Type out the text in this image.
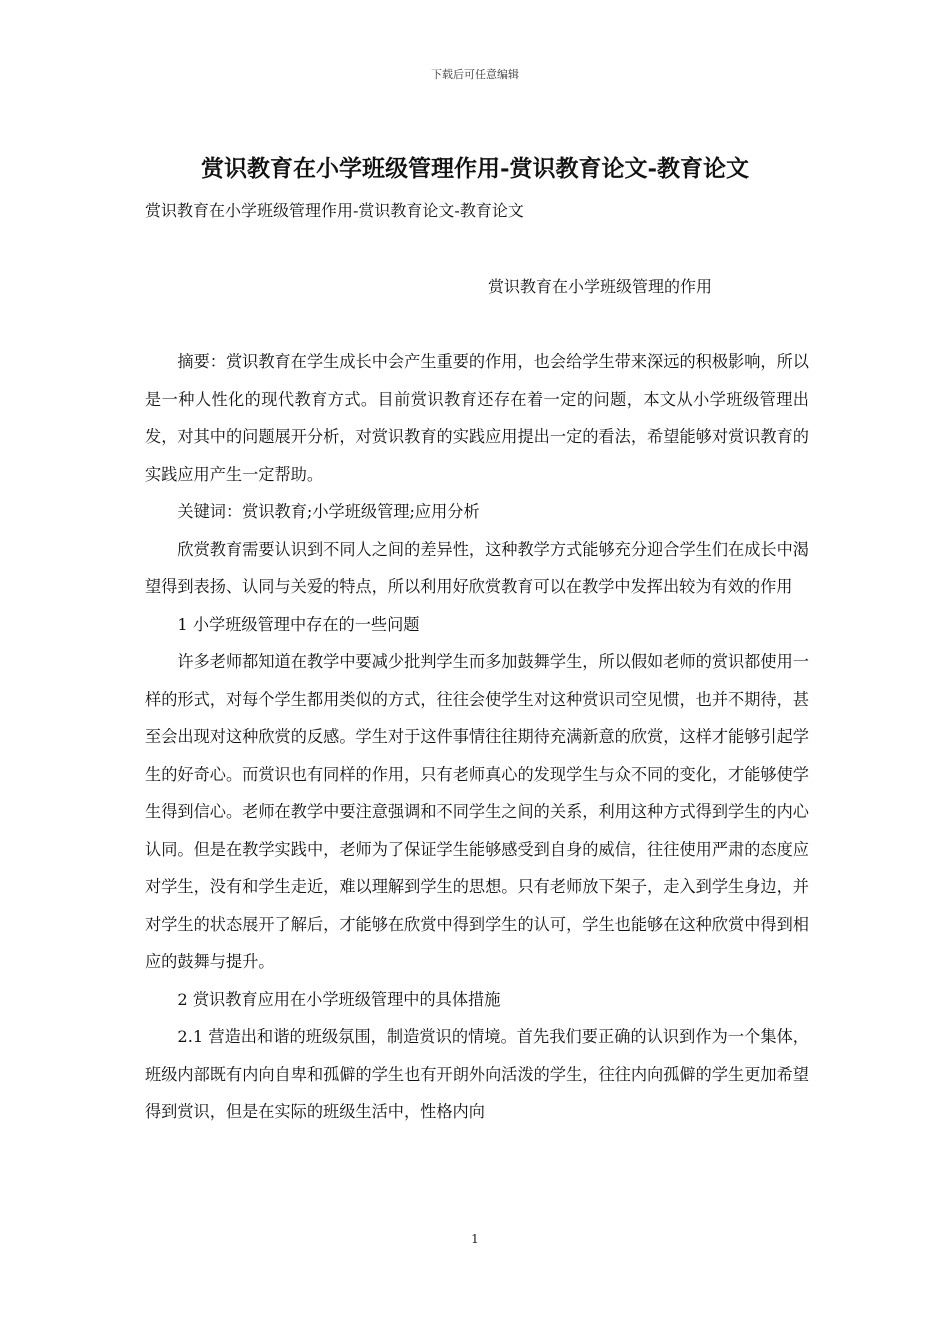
下载后可任意编辑
赏识教育在小学班级管理作用-赏识教育论文-教育论文
赏识教育在小学班级管理作用-赏识教育论文-教育论文
赏识教育在小学班级管理的作用

摘要：赏识教育在学生成长中会产生重要的作用，也会给学生带来深远的积极影响，所以是一种人性化的现代教育方式。目前赏识教育还存在着一定的问题，本文从小学班级管理出发，对其中的问题展开分析，对赏识教育的实践应用提出一定的看法，希望能够对赏识教育的实践应用产生一定帮助。

关键词：赏识教育;小学班级管理;应用分析

欣赏教育需要认识到不同人之间的差异性，这种教学方式能够充分迎合学生们在成长中渴望得到表扬、认同与关爱的特点，所以利用好欣赏教育可以在教学中发挥出较为有效的作用

1 小学班级管理中存在的一些问题

许多老师都知道在教学中要减少批判学生而多加鼓舞学生，所以假如老师的赏识都使用一样的形式，对每个学生都用类似的方式，往往会使学生对这种赏识司空见惯，也并不期待，甚至会出现对这种欣赏的反感。学生对于这件事情往往期待充满新意的欣赏，这样才能够引起学生的好奇心。而赏识也有同样的作用，只有老师真心的发现学生与众不同的变化，才能够使学生得到信心。老师在教学中要注意强调和不同学生之间的关系，利用这种方式得到学生的内心认同。但是在教学实践中，老师为了保证学生能够感受到自身的威信，往往使用严肃的态度应对学生，没有和学生走近，难以理解到学生的思想。只有老师放下架子，走入到学生身边，并对学生的状态展开了解后，才能够在欣赏中得到学生的认可，学生也能够在这种欣赏中得到相应的鼓舞与提升。

2 赏识教育应用在小学班级管理中的具体措施

2.1 营造出和谐的班级氛围，制造赏识的情境。首先我们要正确的认识到作为一个集体，班级内部既有内向自卑和孤僻的学生也有开朗外向活泼的学生，往往内向孤僻的学生更加希望得到赏识，但是在实际的班级生活中，性格内向

1
